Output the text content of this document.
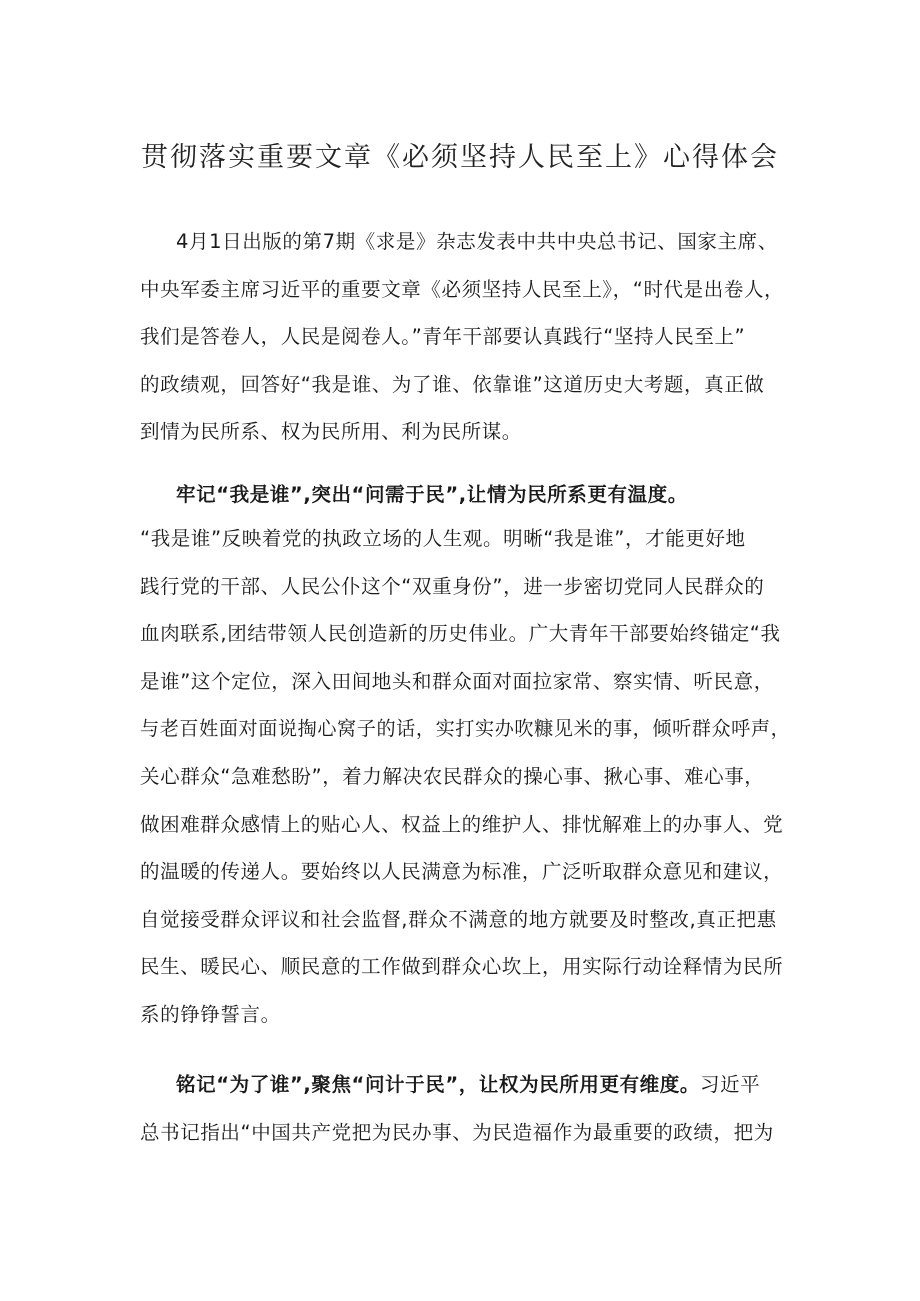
贯彻落实重要文章《必须坚持人民至上》心得体会
4月1日出版的第7期《求是》杂志发表中共中央总书记、国家主席、
中央军委主席习近平的重要文章《必须坚持人民至上》，“时代是出卷人，
我们是答卷人，人民是阅卷人。”青年干部要认真践行“坚持人民至上”
的政绩观，回答好“我是谁、为了谁、依靠谁”这道历史大考题，真正做
到情为民所系、权为民所用、利为民所谋。
牢记“我是谁”,突出“问需于民”,让情为民所系更有温度。
“我是谁”反映着党的执政立场的人生观。明晰“我是谁”，才能更好地
践行党的干部、人民公仆这个“双重身份”，进一步密切党同人民群众的
血肉联系,团结带领人民创造新的历史伟业。广大青年干部要始终锚定“我
是谁”这个定位，深入田间地头和群众面对面拉家常、察实情、听民意，
与老百姓面对面说掏心窝子的话，实打实办吹糠见米的事，倾听群众呼声，
关心群众“急难愁盼”，着力解决农民群众的操心事、揪心事、难心事，
做困难群众感情上的贴心人、权益上的维护人、排忧解难上的办事人、党
的温暖的传递人。要始终以人民满意为标准，广泛听取群众意见和建议，
自觉接受群众评议和社会监督,群众不满意的地方就要及时整改,真正把惠
民生、暖民心、顺民意的工作做到群众心坎上，用实际行动诠释情为民所
系的铮铮誓言。
铭记“为了谁”,聚焦“问计于民”，让权为民所用更有维度。习近平
总书记指出“中国共产党把为民办事、为民造福作为最重要的政绩，把为
